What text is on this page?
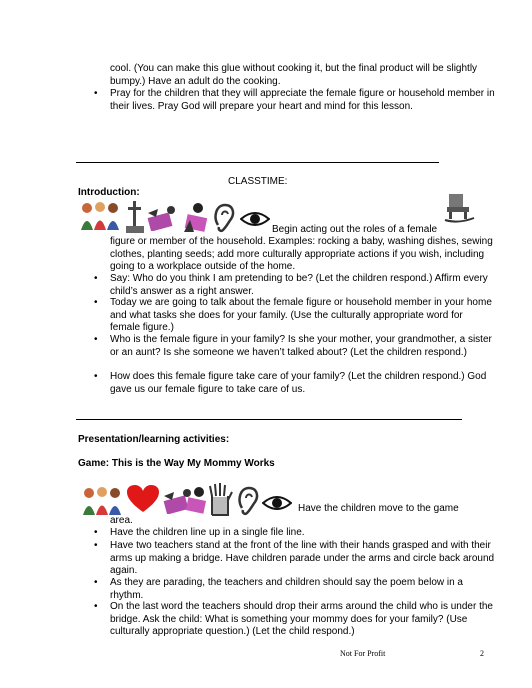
cool. (You can make this glue without cooking it, but the final product will be slightly bumpy.) Have an adult do the cooking.
•	Pray for the children that they will appreciate the female figure or household member in their lives. Pray God will prepare your heart and mind for this lesson.
CLASSTIME:
Introduction:
Begin acting out the roles of a female
figure or member of the household. Examples: rocking a baby, washing dishes, sewing clothes, planting seeds; add more culturally appropriate actions if you wish, including going to a workplace outside of the home.
•	Say: Who do you think I am pretending to be? (Let the children respond.) Affirm every child’s answer as a right answer.
•	Today we are going to talk about the female figure or household member in your home and what tasks she does for your family. (Use the culturally appropriate word for female figure.)
•	Who is the female figure in your family? Is she your mother, your grandmother, a sister or an aunt? Is she someone we haven’t talked about? (Let the children respond.)
•	How does this female figure take care of your family? (Let the children respond.) God gave us our female figure to take care of us.
Presentation/learning activities:
Game: This is the Way My Mommy Works
Have the children move to the game
area.
•	Have the children line up in a single file line.
•	Have two teachers stand at the front of the line with their hands grasped and with their arms up making a bridge. Have children parade under the arms and circle back around again.
•	As they are parading, the teachers and children should say the poem below in a rhythm.
•	On the last word the teachers should drop their arms around the child who is under the bridge. Ask the child: What is something your mommy does for your family? (Use culturally appropriate question.) (Let the child respond.)
Not For Profit	2
